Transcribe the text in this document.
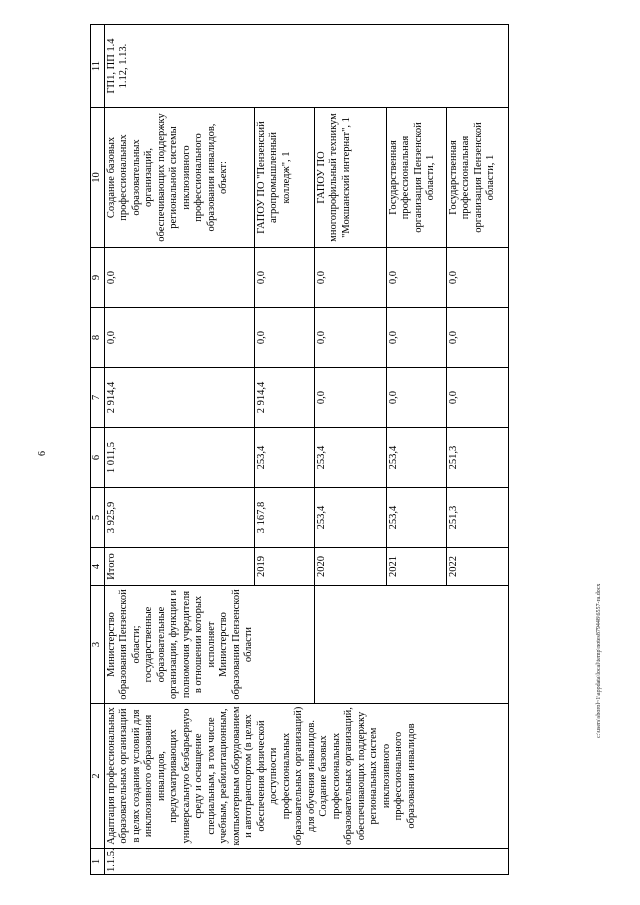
6
c:\users\sborol~1\appdata\local\temp\notes879448\6557-ra.docx
1	2	3	4	5	6	7	8	9	10	11
1.1.5.	Адаптация профессиональных образовательных организаций в целях создания условий для инклюзивного образования инвалидов, предусматривающих универсальную безбарьерную среду и оснащение специальным, в том числе учебным, реабилитационным, компьютерным оборудованием и автотранспортом (в целях обеспечения физической доступности профессиональных образовательных организаций) для обучения инвалидов. Создание базовых профессиональных образовательных организаций, обеспечивающих поддержку региональных систем инклюзивного профессионального образования инвалидов	Министерство образования Пензенской области; государственные образовательные организации, функции и полномочия учредителя в отношении которых исполняет Министерство образования Пензенской области	Итого	3 925,9	1 011,5	2 914,4	0,0	0,0	Создание базовых профессиональных образовательных организаций, обеспечивающих поддержку региональной системы инклюзивного профессионального образования инвалидов, объект:	ГП1, ПП 1.4 1.12, 1.13.
			2019	3 167,8	253,4	2 914,4	0,0	0,0	ГАПОУ ПО "Пензенский агропромышленный колледж", 1	
			2020	253,4	253,4	0,0	0,0	0,0	ГАПОУ ПО многопрофильный техникум "Мокшанский интернат", 1	
			2021	253,4	253,4	0,0	0,0	0,0	Государственная профессиональная организация Пензенской области, 1	
			2022	251,3	251,3	0,0	0,0	0,0	Государственная профессиональная организация Пензенской области, 1	
